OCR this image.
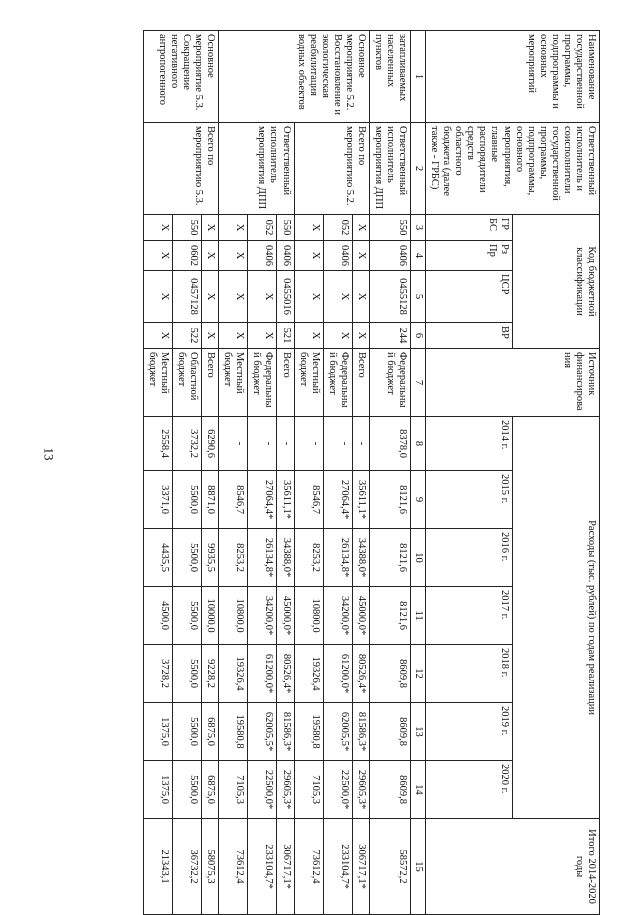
13
Наименование государственной программы, подпрограммы и основных мероприятий	Ответственный исполнитель и соисполнители государственной программы, подпрограммы, основного мероприятия, главные распорядители средств областного бюджета (далее также - ГРБС)	Код бюджетной классификации				Источник финансирования	Расходы (тыс. рублей) по годам реализации							Итого 2014-2020 годы
		ГР БС	Рз Пр	ЦСР	ВР		2014 г.	2015 г.	2016 г.	2017 г.	2018 г.	2019 г.	2020 г.	
1	2	3	4	5	6	7	8	9	10	11	12	13	14	15
затапливаемых населенных пунктов	Ответственный исполнитель мероприятия ДПП	550	0406	0455128	244	Федеральный бюджет	8378,0	8121,6	8121,6	8121,6	8609,8	8609,8	8609,8	58572,2
Основное мероприятие 5.2. Восстановление и экологическая реабилитация водных объектов	Всего по мероприятию 5.2.	X	X	X	X	Всего	-	35611,1*	34388,0*	45000,0*	80526,4*	81586,3*	29605,3*	306717,1*
		052	0406	X	X	Федеральный бюджет	-	27064,4*	26134,8*	34200,0*	61200,0*	62005,5*	22500,0*	233104,7*
		X	X	X	X	Местный бюджет	-	8546,7	8253,2	10800,0	19326,4	19580,8	7105,3	73612,4
	Ответственный исполнитель мероприятия ДПП	550	0406	0455016	521	Всего	-	35611,1*	34388,0*	45000,0*	80526,4*	81586,3*	29605,3*	306717,1*
		052	0406	X	X	Федеральный бюджет	-	27064,4*	26134,8*	34200,0*	61200,0*	62005,5*	22500,0*	233104,7*
		X	X	X	X	Местный бюджет	-	8546,7	8253,2	10800,0	19326,4	19580,8	7105,3	73612,4
Основное мероприятие 5.3. Сокращение негативного антропогенного	Всего по мероприятию 5.3.	X	X	X	X	Всего	6290,6	8871,0	9935,5	10000,0	9228,2	6875,0	6875,0	58075,3
		550	0602	0457128	522	Областной бюджет	3732,2	5500,0	5500,0	5500,0	5500,0	5500,0	5500,0	36732,2
		X	X	X	X	Местный бюджет	2558,4	3371,0	4435,5	4500,0	3728,2	1375,0	1375,0	21343,1
